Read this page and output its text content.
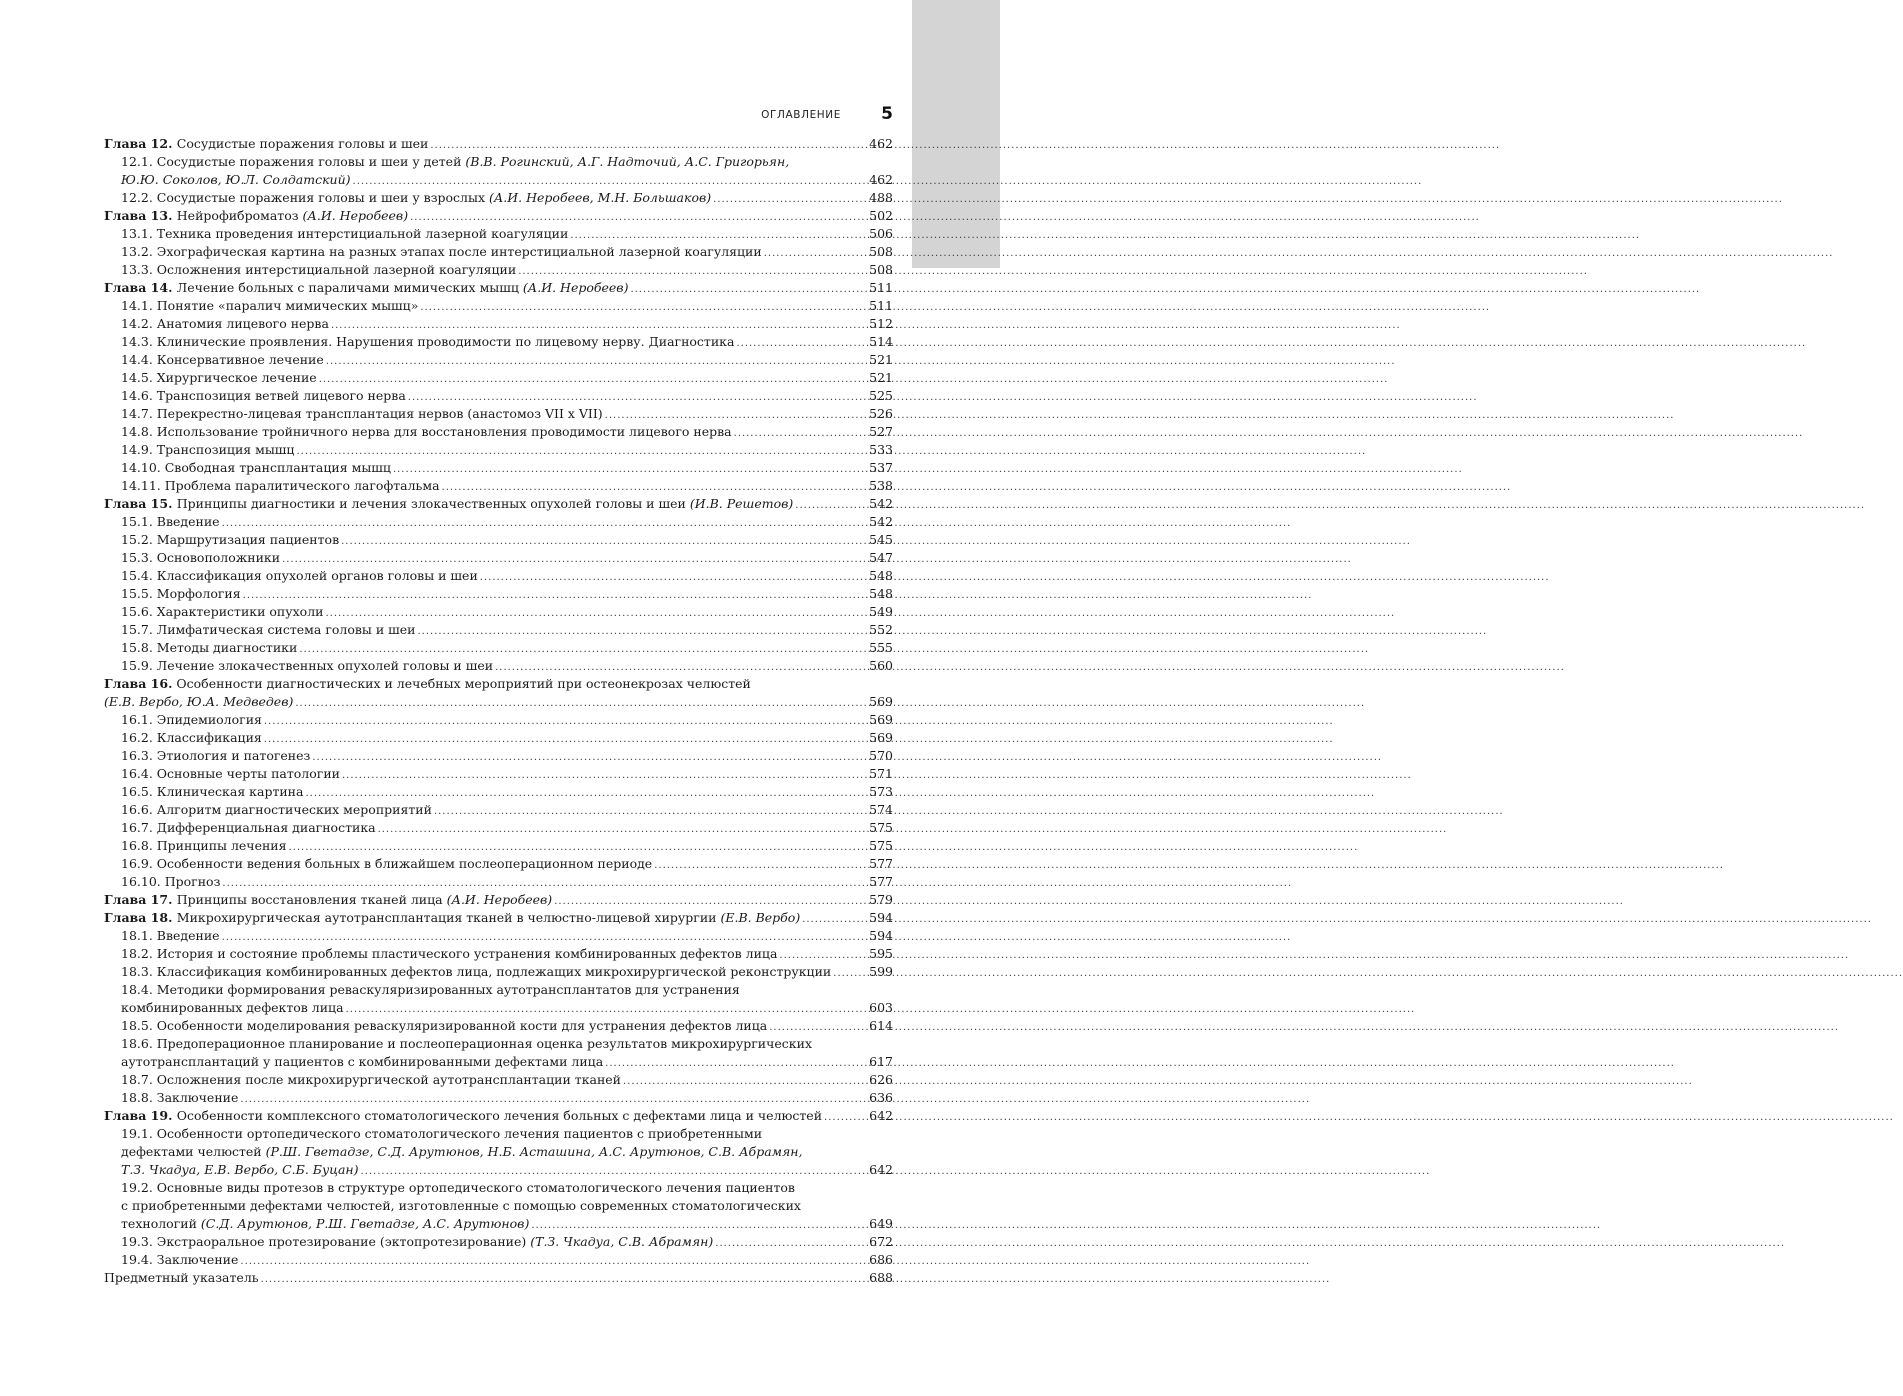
ОГЛАВЛЕНИЕ 5
Глава 12. Сосудистые поражения головы и шеи .....	462
12.1. Сосудистые поражения головы и шеи у детей (В.В. Рогинский, А.Г. Надточий, А.С. Григорьян,
Ю.Ю. Соколов, Ю.Л. Солдатский) .....	462
12.2. Сосудистые поражения головы и шеи у взрослых (А.И. Неробеев, М.Н. Большаков) .....	488
Глава 13. Нейрофиброматоз (А.И. Неробеев) .....	502
13.1. Техника проведения интерстициальной лазерной коагуляции .....	506
13.2. Эхографическая картина на разных этапах после интерстициальной лазерной коагуляции .....	508
13.3. Осложнения интерстициальной лазерной коагуляции .....	508
Глава 14. Лечение больных с параличами мимических мышц (А.И. Неробеев) .....	511
14.1. Понятие «паралич мимических мышц» .....	511
14.2. Анатомия лицевого нерва .....	512
14.3. Клинические проявления. Нарушения проводимости по лицевому нерву. Диагностика .....	514
14.4. Консервативное лечение .....	521
14.5. Хирургическое лечение .....	521
14.6. Транспозиция ветвей лицевого нерва .....	525
14.7. Перекрестно-лицевая трансплантация нервов (анастомоз VII x VII) .....	526
14.8. Использование тройничного нерва для восстановления проводимости лицевого нерва .....	527
14.9. Транспозиция мышц .....	533
14.10. Свободная трансплантация мышц .....	537
14.11. Проблема паралитического лагофтальма .....	538
Глава 15. Принципы диагностики и лечения злокачественных опухолей головы и шеи (И.В. Решетов) .....	542
15.1. Введение .....	542
15.2. Маршрутизация пациентов .....	545
15.3. Основоположники .....	547
15.4. Классификация опухолей органов головы и шеи .....	548
15.5. Морфология .....	548
15.6. Характеристики опухоли .....	549
15.7. Лимфатическая система головы и шеи .....	552
15.8. Методы диагностики .....	555
15.9. Лечение злокачественных опухолей головы и шеи .....	560
Глава 16. Особенности диагностических и лечебных мероприятий при остеонекрозах челюстей
(Е.В. Вербо, Ю.А. Медведев) .....	569
16.1. Эпидемиология .....	569
16.2. Классификация .....	569
16.3. Этиология и патогенез .....	570
16.4. Основные черты патологии .....	571
16.5. Клиническая картина .....	573
16.6. Алгоритм диагностических мероприятий .....	574
16.7. Дифференциальная диагностика .....	575
16.8. Принципы лечения .....	575
16.9. Особенности ведения больных в ближайшем послеоперационном периоде .....	577
16.10. Прогноз .....	577
Глава 17. Принципы восстановления тканей лица (А.И. Неробеев) .....	579
Глава 18. Микрохирургическая аутотрансплантация тканей в челюстно-лицевой хирургии (Е.В. Вербо) .....	594
18.1. Введение .....	594
18.2. История и состояние проблемы пластического устранения комбинированных дефектов лица .....	595
18.3. Классификация комбинированных дефектов лица, подлежащих микрохирургической реконструкции .....	599
18.4. Методики формирования реваскуляризированных аутотрансплантатов для устранения
комбинированных дефектов лица .....	603
18.5. Особенности моделирования реваскуляризированной кости для устранения дефектов лица .....	614
18.6. Предоперационное планирование и послеоперационная оценка результатов микрохирургических
аутотрансплантаций у пациентов с комбинированными дефектами лица .....	617
18.7. Осложнения после микрохирургической аутотрансплантации тканей .....	626
18.8. Заключение .....	636
Глава 19. Особенности комплексного стоматологического лечения больных с дефектами лица и челюстей .....	642
19.1. Особенности ортопедического стоматологического лечения пациентов с приобретенными
дефектами челюстей (Р.Ш. Гветадзе, С.Д. Арутюнов, Н.Б. Асташина, А.С. Арутюнов, С.В. Абрамян,
Т.З. Чкадуа, Е.В. Вербо, С.Б. Буцан) .....	642
19.2. Основные виды протезов в структуре ортопедического стоматологического лечения пациентов
с приобретенными дефектами челюстей, изготовленные с помощью современных стоматологических
технологий (С.Д. Арутюнов, Р.Ш. Гветадзе, А.С. Арутюнов) .....	649
19.3. Экстраоральное протезирование (эктопротезирование) (Т.З. Чкадуа, С.В. Абрамян) .....	672
19.4. Заключение .....	686
Предметный указатель .....	688
